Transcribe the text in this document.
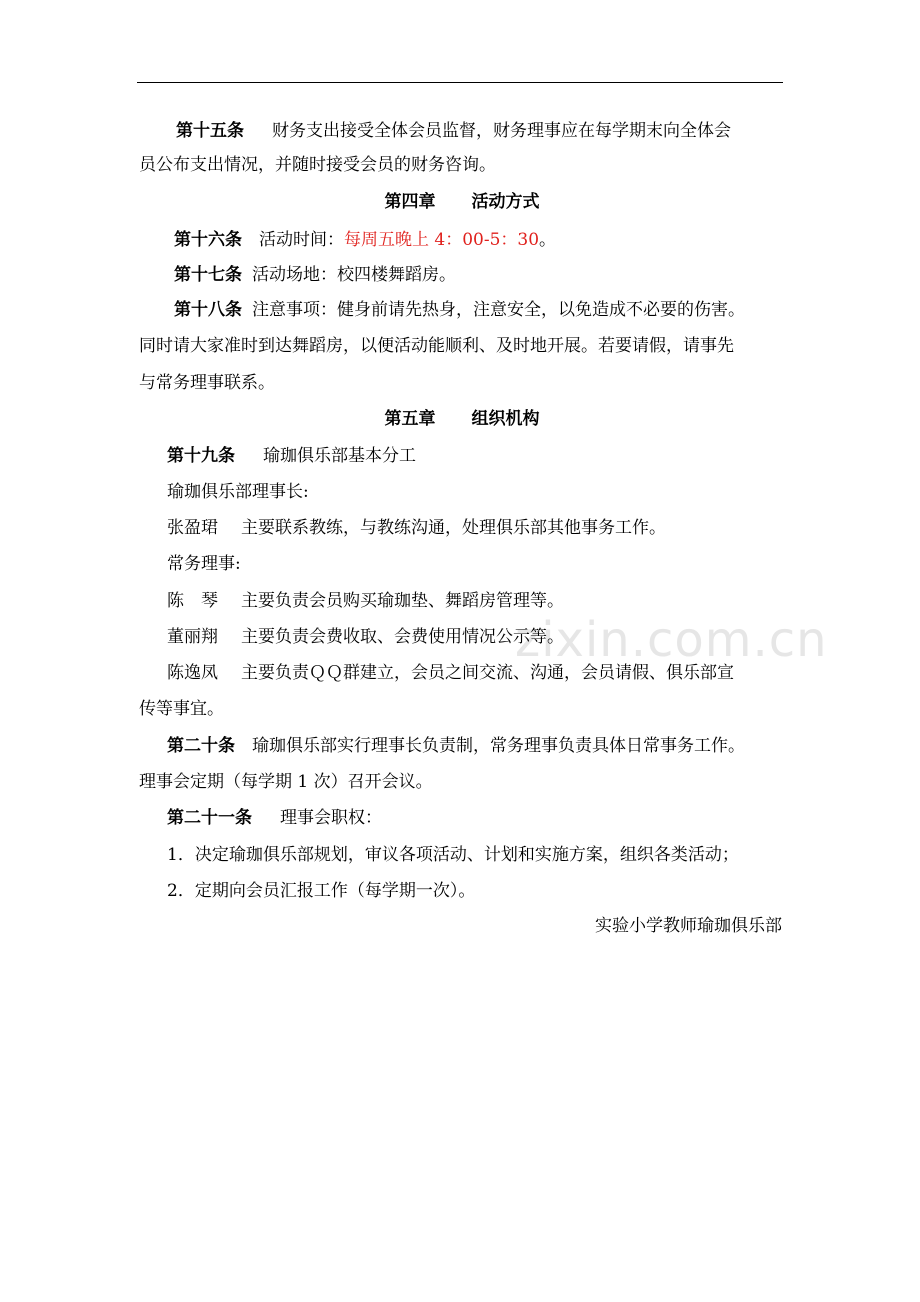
zixin.com.cn
第十五条 财务支出接受全体会员监督，财务理事应在每学期末向全体会
员公布支出情况，并随时接受会员的财务咨询。
第四章 活动方式
第十六条 活动时间：每周五晚上 4：00-5：30。
第十七条 活动场地：校四楼舞蹈房。
第十八条 注意事项：健身前请先热身，注意安全，以免造成不必要的伤害。
同时请大家准时到达舞蹈房，以便活动能顺利、及时地开展。若要请假，请事先
与常务理事联系。
第五章 组织机构
第十九条 瑜珈俱乐部基本分工
瑜珈俱乐部理事长:
张盈珺 主要联系教练，与教练沟通，处理俱乐部其他事务工作。
常务理事:
陈　琴 主要负责会员购买瑜珈垫、舞蹈房管理等。
董丽翔 主要负责会费收取、会费使用情况公示等。
陈逸凤 主要负责ＱＱ群建立，会员之间交流、沟通，会员请假、俱乐部宣
传等事宜。
第二十条 瑜珈俱乐部实行理事长负责制，常务理事负责具体日常事务工作。
理事会定期（每学期 1 次）召开会议。
第二十一条 理事会职权：
1．决定瑜珈俱乐部规划，审议各项活动、计划和实施方案，组织各类活动；
2．定期向会员汇报工作（每学期一次）。
实验小学教师瑜珈俱乐部
